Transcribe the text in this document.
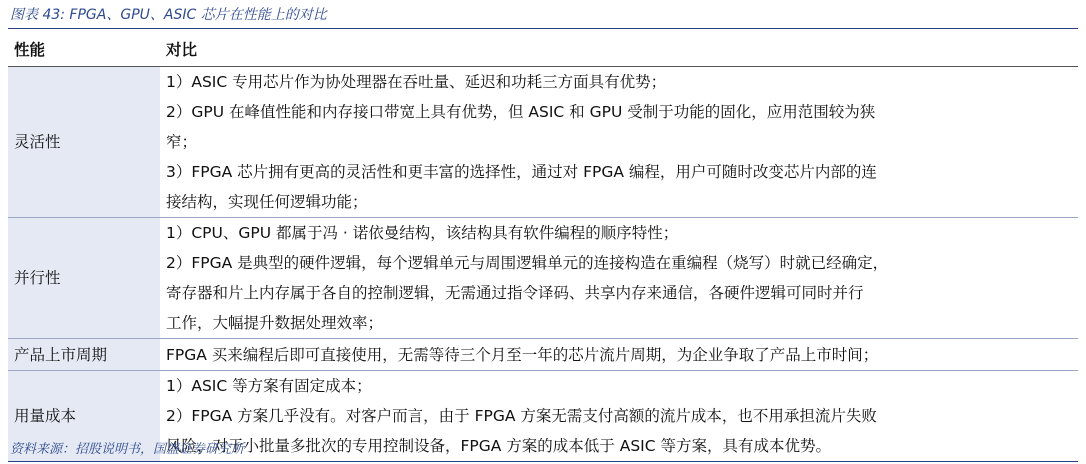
图表 43: FPGA、GPU、ASIC 芯片在性能上的对比
性能	对比
灵活性	1）ASIC 专用芯片作为协处理器在吞吐量、延迟和功耗三方面具有优势；
2）GPU 在峰值性能和内存接口带宽上具有优势，但 ASIC 和 GPU 受制于功能的固化，应用范围较为狭
窄；
3）FPGA 芯片拥有更高的灵活性和更丰富的选择性，通过对 FPGA 编程，用户可随时改变芯片内部的连
接结构，实现任何逻辑功能；

并行性	1）CPU、GPU 都属于冯 · 诺依曼结构，该结构具有软件编程的顺序特性；
2）FPGA 是典型的硬件逻辑，每个逻辑单元与周围逻辑单元的连接构造在重编程（烧写）时就已经确定，
寄存器和片上内存属于各自的控制逻辑，无需通过指令译码、共享内存来通信，各硬件逻辑可同时并行
工作，大幅提升数据处理效率；

产品上市周期	FPGA 买来编程后即可直接使用，无需等待三个月至一年的芯片流片周期，为企业争取了产品上市时间；

用量成本	1）ASIC 等方案有固定成本；
2）FPGA 方案几乎没有。对客户而言，由于 FPGA 方案无需支付高额的流片成本，也不用承担流片失败
风险，对于小批量多批次的专用控制设备，FPGA 方案的成本低于 ASIC 等方案，具有成本优势。
资料来源：招股说明书，国盛证券研究所
